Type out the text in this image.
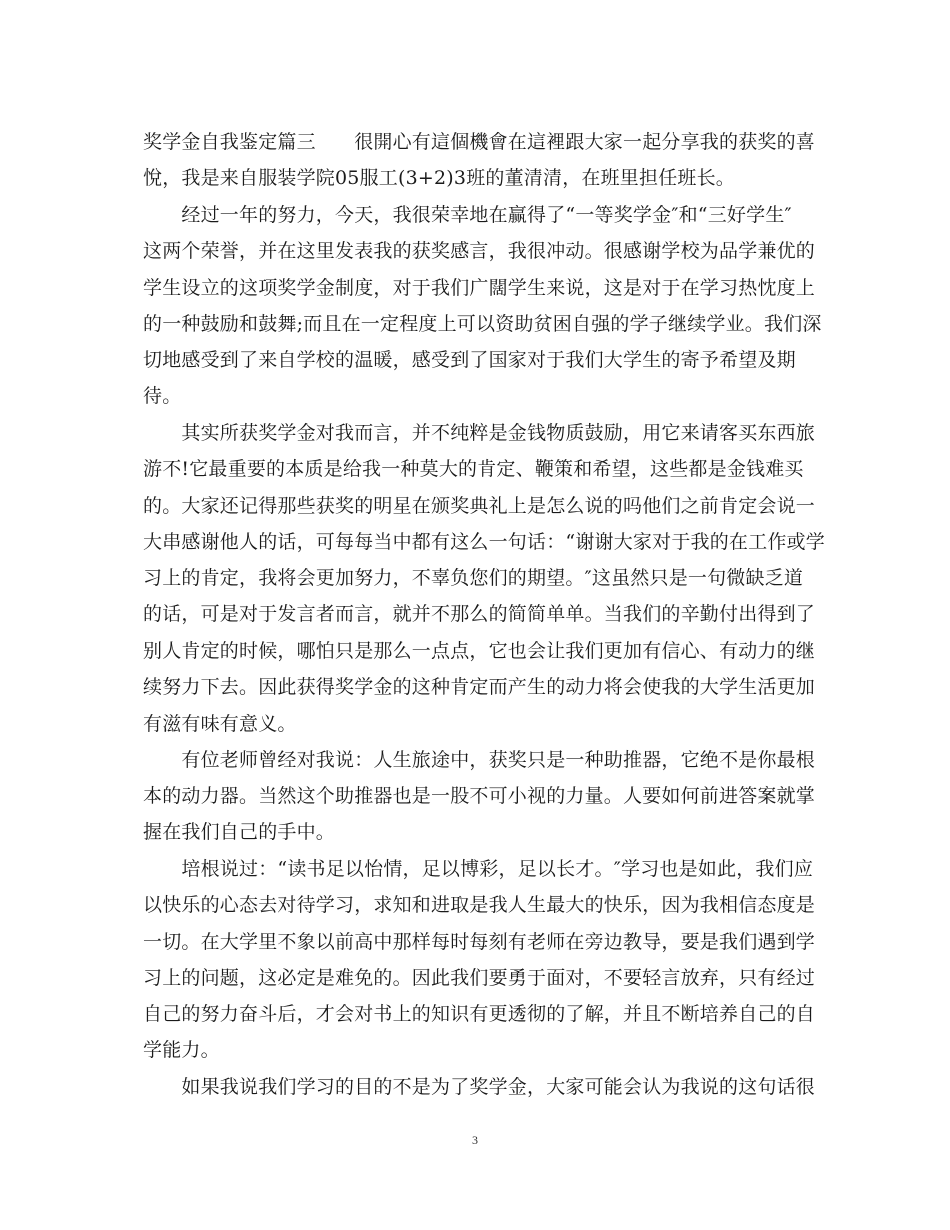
奖学金自我鉴定篇三　　很開心有這個機會在這裡跟大家一起分享我的获奖的喜
悅，我是来自服装学院05服工(3+2)3班的董清清，在班里担任班长。
　　经过一年的努力，今天，我很荣幸地在赢得了“一等奖学金″和“三好学生″
这两个荣誉，并在这里发表我的获奖感言，我很冲动。很感谢学校为品学兼优的
学生设立的这项奖学金制度，对于我们广闊学生来说，这是对于在学习热忱度上
的一种鼓励和鼓舞;而且在一定程度上可以资助贫困自强的学子继续学业。我们深
切地感受到了来自学校的温暖，感受到了国家对于我们大学生的寄予希望及期
待。
　　其实所获奖学金对我而言，并不纯粹是金钱物质鼓励，用它来请客买东西旅
游不!它最重要的本质是给我一种莫大的肯定、鞭策和希望，这些都是金钱难买
的。大家还记得那些获奖的明星在颁奖典礼上是怎么说的吗他们之前肯定会说一
大串感谢他人的话，可每每当中都有这么一句话：“谢谢大家对于我的在工作或学
习上的肯定，我将会更加努力，不辜负您们的期望。″这虽然只是一句微缺乏道
的话，可是对于发言者而言，就并不那么的简简单单。当我们的辛勤付出得到了
别人肯定的时候，哪怕只是那么一点点，它也会让我们更加有信心、有动力的继
续努力下去。因此获得奖学金的这种肯定而产生的动力将会使我的大学生活更加
有滋有味有意义。
　　有位老师曾经对我说：人生旅途中，获奖只是一种助推器，它绝不是你最根
本的动力器。当然这个助推器也是一股不可小视的力量。人要如何前进答案就掌
握在我们自己的手中。
　　培根说过：“读书足以怡情，足以博彩，足以长才。″学习也是如此，我们应
以快乐的心态去对待学习，求知和进取是我人生最大的快乐，因为我相信态度是
一切。在大学里不象以前高中那样每时每刻有老师在旁边教导，要是我们遇到学
习上的问题，这必定是难免的。因此我们要勇于面对，不要轻言放弃，只有经过
自己的努力奋斗后，才会对书上的知识有更透彻的了解，并且不断培养自己的自
学能力。
　　如果我说我们学习的目的不是为了奖学金，大家可能会认为我说的这句话很
3
